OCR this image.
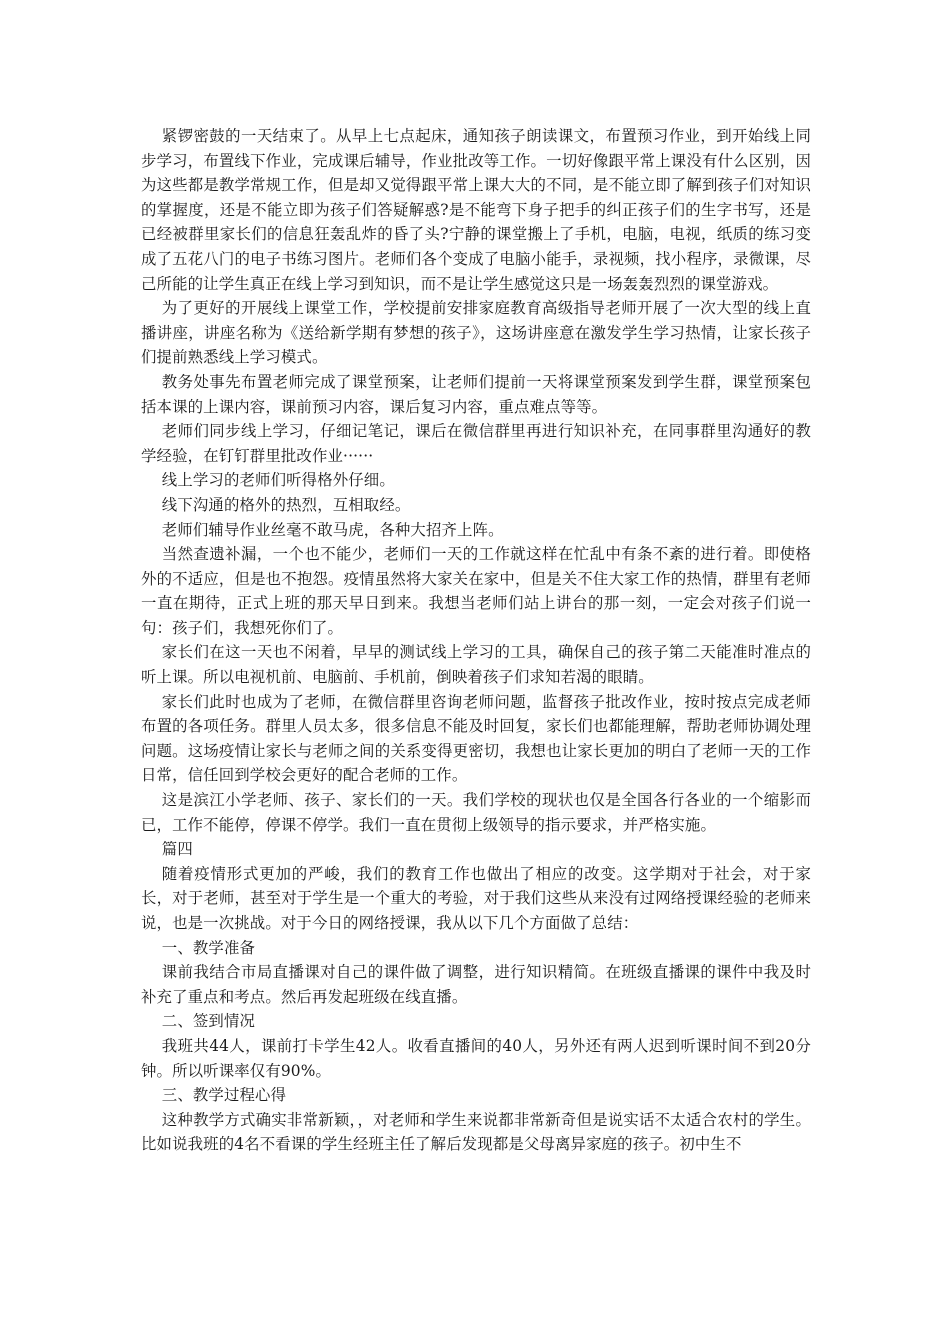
紧锣密鼓的一天结束了。从早上七点起床，通知孩子朗读课文，布置预习作业，到开始线上同步学习，布置线下作业，完成课后辅导，作业批改等工作。一切好像跟平常上课没有什么区别，因为这些都是教学常规工作，但是却又觉得跟平常上课大大的不同，是不能立即了解到孩子们对知识的掌握度，还是不能立即为孩子们答疑解惑?是不能弯下身子把手的纠正孩子们的生字书写，还是已经被群里家长们的信息狂轰乱炸的昏了头?宁静的课堂搬上了手机，电脑，电视，纸质的练习变成了五花八门的电子书练习图片。老师们各个变成了电脑小能手，录视频，找小程序，录微课，尽己所能的让学生真正在线上学习到知识，而不是让学生感觉这只是一场轰轰烈烈的课堂游戏。

为了更好的开展线上课堂工作，学校提前安排家庭教育高级指导老师开展了一次大型的线上直播讲座，讲座名称为《送给新学期有梦想的孩子》，这场讲座意在激发学生学习热情，让家长孩子们提前熟悉线上学习模式。

教务处事先布置老师完成了课堂预案，让老师们提前一天将课堂预案发到学生群，课堂预案包括本课的上课内容，课前预习内容，课后复习内容，重点难点等等。

老师们同步线上学习，仔细记笔记，课后在微信群里再进行知识补充，在同事群里沟通好的教学经验，在钉钉群里批改作业······

线上学习的老师们听得格外仔细。

线下沟通的格外的热烈，互相取经。

老师们辅导作业丝毫不敢马虎，各种大招齐上阵。

当然查遗补漏，一个也不能少，老师们一天的工作就这样在忙乱中有条不紊的进行着。即使格外的不适应，但是也不抱怨。疫情虽然将大家关在家中，但是关不住大家工作的热情，群里有老师一直在期待，正式上班的那天早日到来。我想当老师们站上讲台的那一刻，一定会对孩子们说一句：孩子们，我想死你们了。

家长们在这一天也不闲着，早早的测试线上学习的工具，确保自己的孩子第二天能准时准点的听上课。所以电视机前、电脑前、手机前，倒映着孩子们求知若渴的眼睛。

家长们此时也成为了老师，在微信群里咨询老师问题，监督孩子批改作业，按时按点完成老师布置的各项任务。群里人员太多，很多信息不能及时回复，家长们也都能理解，帮助老师协调处理问题。这场疫情让家长与老师之间的关系变得更密切，我想也让家长更加的明白了老师一天的工作日常，信任回到学校会更好的配合老师的工作。

这是滨江小学老师、孩子、家长们的一天。我们学校的现状也仅是全国各行各业的一个缩影而已，工作不能停，停课不停学。我们一直在贯彻上级领导的指示要求，并严格实施。

篇四

随着疫情形式更加的严峻，我们的教育工作也做出了相应的改变。这学期对于社会，对于家长，对于老师，甚至对于学生是一个重大的考验，对于我们这些从来没有过网络授课经验的老师来说，也是一次挑战。对于今日的网络授课，我从以下几个方面做了总结：

一、教学准备

课前我结合市局直播课对自己的课件做了调整，进行知识精简。在班级直播课的课件中我及时补充了重点和考点。然后再发起班级在线直播。

二、签到情况

我班共44人，课前打卡学生42人。收看直播间的40人，另外还有两人迟到听课时间不到20分钟。所以听课率仅有90%。

三、教学过程心得

这种教学方式确实非常新颖，，对老师和学生来说都非常新奇但是说实话不太适合农村的学生。比如说我班的4名不看课的学生经班主任了解后发现都是父母离异家庭的孩子。初中生不
